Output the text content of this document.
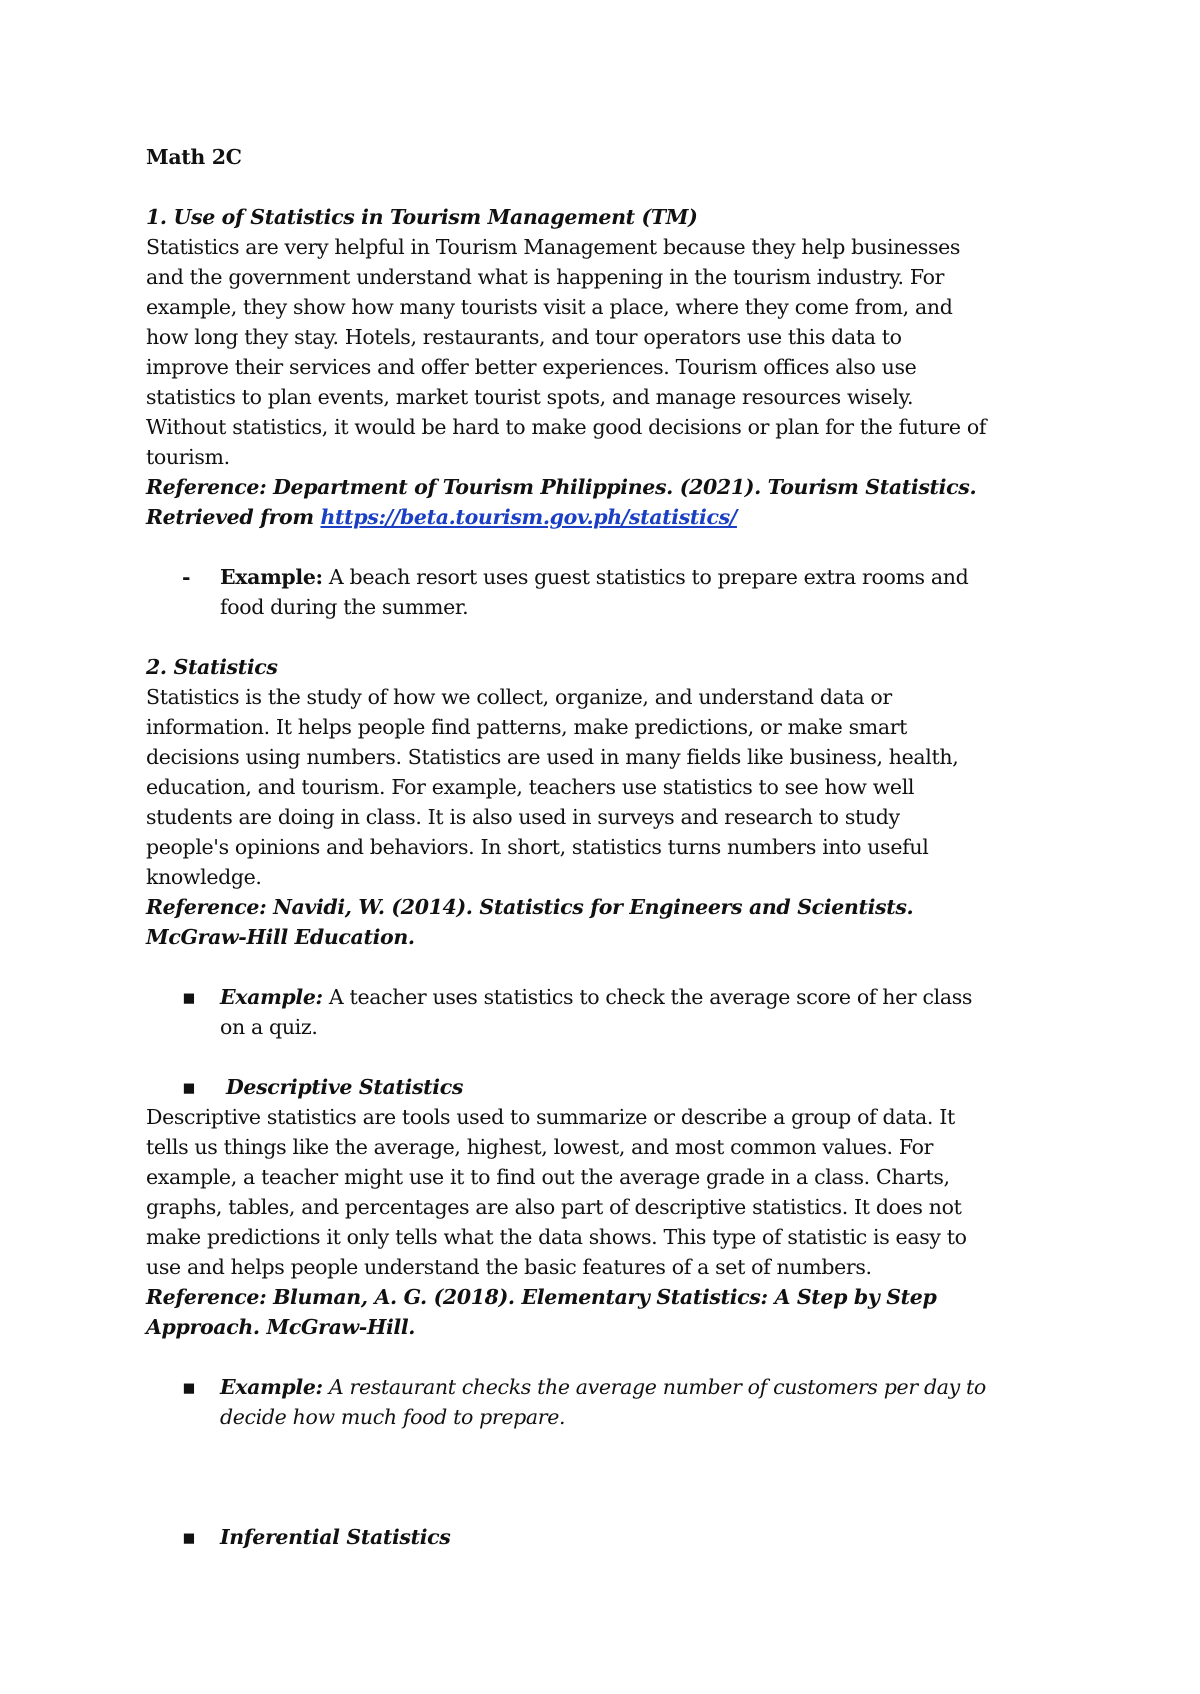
Math 2C
1. Use of Statistics in Tourism Management (TM)
Statistics are very helpful in Tourism Management because they help businesses
and the government understand what is happening in the tourism industry. For
example, they show how many tourists visit a place, where they come from, and
how long they stay. Hotels, restaurants, and tour operators use this data to
improve their services and offer better experiences. Tourism offices also use
statistics to plan events, market tourist spots, and manage resources wisely.
Without statistics, it would be hard to make good decisions or plan for the future of
tourism.
Reference: Department of Tourism Philippines. (2021). Tourism Statistics.
Retrieved from https://beta.tourism.gov.ph/statistics/
-	Example: A beach resort uses guest statistics to prepare extra rooms and
food during the summer.
2. Statistics
Statistics is the study of how we collect, organize, and understand data or
information. It helps people find patterns, make predictions, or make smart
decisions using numbers. Statistics are used in many fields like business, health,
education, and tourism. For example, teachers use statistics to see how well
students are doing in class. It is also used in surveys and research to study
people's opinions and behaviors. In short, statistics turns numbers into useful
knowledge.
Reference: Navidi, W. (2014). Statistics for Engineers and Scientists.
McGraw-Hill Education.
▪	Example: A teacher uses statistics to check the average score of her class
on a quiz.
▪	Descriptive Statistics
Descriptive statistics are tools used to summarize or describe a group of data. It
tells us things like the average, highest, lowest, and most common values. For
example, a teacher might use it to find out the average grade in a class. Charts,
graphs, tables, and percentages are also part of descriptive statistics. It does not
make predictions it only tells what the data shows. This type of statistic is easy to
use and helps people understand the basic features of a set of numbers.
Reference: Bluman, A. G. (2018). Elementary Statistics: A Step by Step
Approach. McGraw-Hill.
▪	Example: A restaurant checks the average number of customers per day to
decide how much food to prepare.
▪	Inferential Statistics
